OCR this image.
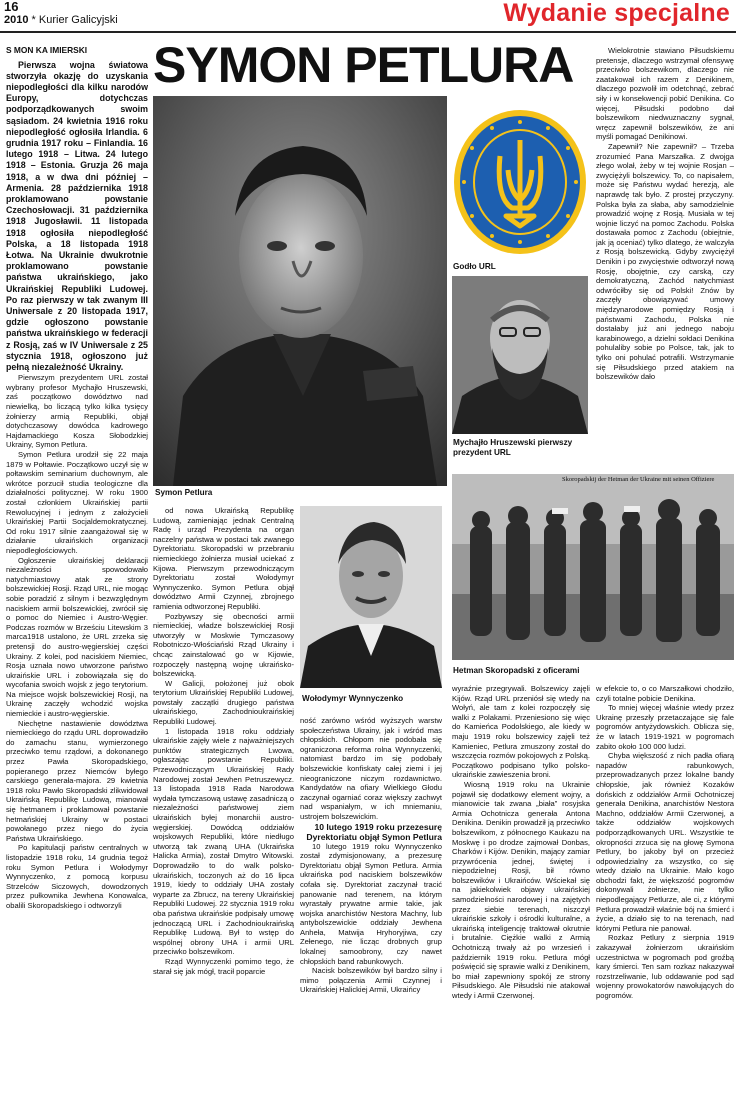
16
2010 * Kurier Galicyjski	Wydanie specjalne
S MON KA IMIERSKI

Pierwsza wojna światowa stworzyła okazję do uzyskania niepodległości dla kilku narodów Europy, dotychczas podporządkowanych swoim sąsiadom. 24 kwietnia 1916 roku niepodległość ogłosiła Irlandia. 6 grudnia 1917 roku – Finlandia. 16 lutego 1918 – Litwa. 24 lutego 1918 – Estonia. Gruzja 26 maja 1918, a w dwa dni później – Armenia. 28 października 1918 proklamowano powstanie Czechosłowacji. 31 października 1918 Jugosławii. 11 listopada 1918 ogłosiła niepodległość Polska, a 18 listopada 1918 Łotwa. Na Ukrainie dwukrotnie proklamowano powstanie państwa ukraińskiego, jako Ukraińskiej Republiki Ludowej. Po raz pierwszy w tak zwanym III Uniwersale z 20 listopada 1917, gdzie ogłoszono powstanie państwa ukraińskiego w federacji z Rosją, zaś w IV Uniwersale z 25 stycznia 1918, ogłoszono już pełną niezależność Ukrainy.

Pierwszym prezydentem URL został wybrany profesor Mychajło Hruszewski, zaś początkowo dowództwo nad niewielką, bo liczącą tylko kilka tysięcy żołnierzy armią Republiki, objął dotychczasowy dowódca kadrowego Hajdamackiego Kosza Słobodzkiej Ukrainy, Symon Petlura.

Symon Petlura urodził się 22 maja 1879 w Połtawie. Początkowo uczył się w połtawskim seminarium duchownym, ale wkrótce porzucił studia teologiczne dla działalności politycznej. W roku 1900 został członkiem Ukraińskiej partii Rewolucyjnej i jednym z założycieli Ukraińskiej Partii Socjaldemokratycznej. Od roku 1917 silnie zaangażował się w działanie ukraińskich organizacji niepodległościowych.

Ogłoszenie ukraińskiej deklaracji niezależności spowodowało natychmiastowy atak ze strony bolszewickiej Rosji. Rząd URL, nie mogąc sobie poradzić z silnym i bezwzględnym naciskiem armii bolszewickiej, zwrócił się o pomoc do Niemiec i Austro-Węgier. Podczas rozmów w Brześciu Litewskim 3 marca1918 ustalono, że URL zrzeka się pretensji do austro-węgierskiej części Ukrainy. Z kolei, pod naciskiem Niemiec, Rosja uznała nowo utworzone państwo ukraińskie URL i zobowiązała się do wycofania swoich wojsk z jego terytorium. Na miejsce wojsk bolszewickiej Rosji, na Ukrainę zaczęły wchodzić wojska niemieckie i austro-węgierskie.

Niechętne nastawienie dowództwa niemieckiego do rządu URL doprowadziło do zamachu stanu, wymierzonego przeciwko temu rządowi, a dokonanego przez Pawła Skoropadskiego, popieranego przez Niemców byłego carskiego generała-majora. 29 kwietnia 1918 roku Pawło Skoropadski zlikwidował Ukraińską Republikę Ludową, mianował się hetmanem i proklamował powstanie hetmańskiej Ukrainy w postaci powołanego przez niego do życia Państwa Ukraińskiego.

Po kapitulacji państw centralnych w listopadzie 1918 roku, 14 grudnia tegoż roku Symon Petlura i Wołodymyr Wynnyczenko, z pomocą korpusu Strzelców Siczowych, dowodzonych przez pułkownika Jewhena Konowalca, obalili Skoropadskiego i odtworzyli

SYMON PETLURA
Symon Petlura
Godło URL
Mychajło Hruszewski pierwszy prezydent URL

od nowa Ukraińską Republikę Ludową, zamieniając jednak Centralną Radę i urząd Prezydenta na organ naczelny państwa w postaci tak zwanego Dyrektoriatu. Skoropadski w przebraniu niemieckiego żołnierza musiał uciekać z Kijowa. Pierwszym przewodniczącym Dyrektoriatu został Wołodymyr Wynnyczenko. Symon Petlura objął dowództwo Armii Czynnej, zbrojnego ramienia odtworzonej Republiki.

Pozbywszy się obecności armii niemieckiej, władze bolszewickiej Rosji utworzyły w Moskwie Tymczasowy Robotniczo-Włościański Rząd Ukrainy i chcąc zainstalować go w Kijowie, rozpoczęły następną wojnę ukraińsko-bolszewicką.

W Galicji, położonej już obok terytorium Ukraińskiej Republiki Ludowej, powstały zaczątki drugiego państwa ukraińskiego, Zachodnioukraińskiej Republiki Ludowej.

1 listopada 1918 roku oddziały ukraińskie zajęły wiele z najważniejszych punktów strategicznych Lwowa, ogłaszając powstanie Republiki. Przewodniczącym Ukraińskiej Rady Narodowej został Jewhen Petruszewycz. 13 listopada 1918 Rada Narodowa wydała tymczasową ustawę zasadniczą o niezależności państwowej ziem ukraińskich byłej monarchii austro-węgierskiej. Dowódcą oddziałów wojskowych Republiki, które niedługo utworzą tak zwaną UHA (Ukraińska Halicka Armia), został Dmytro Witowski. Doprowadziło to do walk polsko-ukraińskich, toczonych aż do 16 lipca 1919, kiedy to oddziały UHA zostały wyparte za Zbrucz, na tereny Ukraińskiej Republiki Ludowej. 22 stycznia 1919 roku oba państwa ukraińskie podpisały umowę jednoczącą URL i Zachodnioukraińską Republikę Ludową. Był to wstęp do wspólnej obrony UHA i armii URL przeciwko bolszewikom.

Rząd Wynnyczenki pomimo tego, że starał się jak mógł, tracił poparcie

Wołodymyr Wynnyczenko

ność zarówno wśród wyższych warstw społeczeństwa Ukrainy, jak i wśród mas chłopskich. Chłopom nie podobała się ograniczona reforma rolna Wynnyczenki, natomiast bardzo im się podobały bolszewickie konfiskaty całej ziemi i jej nieograniczone niczym rozdawnictwo. Kandydatów na ofiary Wielkiego Głodu zaczynał ogarniać coraz większy zachwyt nad wspaniałym, w ich mniemaniu, ustrojem bolszewickim.

10 lutego 1919 roku przezesurę Dyrektoriatu objął Symon Petlura

10 lutego 1919 roku Wynnyczenko został zdymisjonowany, a prezesurę Dyrektoriatu objął Symon Petlura. Armia ukraińska pod naciskiem bolszewików cofała się. Dyrektoriat zaczynał tracić panowanie nad terenem, na którym wyrastały prywatne armie takie, jak wojska anarchistów Nestora Machny, lub antybolszewickie oddziały Jewhena Anheła, Matwija Hryhoryjiwa, czy Zełenego, nie licząc drobnych grup lokalnej samoobrony, czy nawet chłopskich band rabunkowych.

Nacisk bolszewików był bardzo silny i mimo połączenia Armii Czynnej i Ukraińskiej Halickiej Armii, Ukraińcy

Skoropadskij der Hetman der Ukraine mit seinen Offiziere
Hetman Skoropadski z oficerami

wyraźnie przegrywali. Bolszewicy zajęli Kijów. Rząd URL przeniósł się wtedy na Wołyń, ale tam z kolei rozpoczęły się walki z Polakami. Przeniesiono się więc do Kamieńca Podolskiego, ale kiedy w maju 1919 roku bolszewicy zajęli też Kamieniec, Petlura zmuszony został do wszczęcia rozmów pokojowych z Polską. Początkowo podpisano tylko polsko-ukraińskie zawieszenia broni.

Wiosną 1919 roku na Ukrainie pojawił się dodatkowy element wojny, a mianowicie tak zwana „biała” rosyjska Armia Ochotnicza generała Antona Denikina. Denikin prowadził ją przeciwko bolszewikom, z północnego Kaukazu na Moskwę i po drodze zajmował Donbas, Charków i Kijów. Denikin, mający zamiar przywrócenia jednej, świętej i niepodzielnej Rosji, bił równo bolszewików i Ukraińców. Wściekał się na jakiekolwiek objawy ukraińskiej samodzielności narodowej i na zajętych przez siebie terenach, niszczył ukraińskie szkoły i ośrodki kulturalne, a ukraińską inteligencję traktował okrutnie i brutalnie. Ciężkie walki z Armią Ochotniczą trwały aż po wrzesień i październik 1919 roku. Petlura mógł poświęcić się sprawie walki z Denikinem, bo miał zapewniony spokój ze strony Piłsudskiego. Ale Piłsudski nie atakował wtedy i Armii Czerwonej.

Wielokrotnie stawiano Piłsudskiemu pretensje, dlaczego wstrzymał ofensywę przeciwko bolszewikom, dlaczego nie zaatakował ich razem z Denikinem, dlaczego pozwolił im odetchnąć, zebrać siły i w konsekwencji pobić Denikina. Co więcej, Piłsudski podobno dał bolszewikom niedwuznaczny sygnał, wręcz zapewnił bolszewików, że ani myśli pomagać Denikinowi.

Zapewnił? Nie zapewnił? – Trzeba zrozumieć Pana Marszałka. Z dwojga złego wolał, żeby w tej wojnie Rosjan – zwyciężyli bolszewicy. To, co napisałem, może się Państwu wydać herezją, ale naprawdę tak było. Z prostej przyczyny. Polska była za słaba, aby samodzielnie prowadzić wojnę z Rosją. Musiała w tej wojnie liczyć na pomoc Zachodu. Polska dostawała pomoc z Zachodu (obiejtnie, jak ją oceniać) tylko dlatego, że walczyła z Rosją bolszewicką. Gdyby zwyciężył Denikin i po zwycięstwie odtworzył nową Rosję, obojętnie, czy carską, czy demokratyczną, Zachód natychmiast odwróciłby się od Polski! Znów by zaczęły obowiązywać umowy międzynarodowe pomiędzy Rosją i państwami Zachodu, Polska nie dostałaby już ani jednego naboju karabinowego, a dzielni sołdaci Denikina pohulaliby sobie po Polsce, tak, jak to tylko oni pohulać potrafili. Wstrzymanie się Piłsudskiego przed atakiem na bolszewików dało

w efekcie to, o co Marszałkowi chodziło, czyli totalne pobicie Denikina.

To mniej więcej właśnie wtedy przez Ukrainę przeszły przetaczające się fale pogromów antyżydowskich. Oblicza się, że w latach 1919-1921 w pogromach zabito około 100 000 ludzi.

Chyba większość z nich padła ofiarą napadów rabunkowych, przeprowadzanych przez lokalne bandy chłopskie, jak również Kozaków dońskich z oddziałów Armii Ochotniczej generała Denikina, anarchistów Nestora Machno, oddziałów Armii Czerwonej, a także oddziałów wojskowych podporządkowanych URL. Wszystkie te okropności zrzuca się na głowę Symona Petlury, bo jakoby był on przecież odpowiedzialny za wszystko, co się wtedy działo na Ukrainie. Mało kogo obchodzi fakt, że większość pogromów dokonywali żołnierze, nie tylko niepodlegający Petlurze, ale ci, z którymi Petlura prowadził właśnie bój na śmierć i życie, a działo się to na terenach, nad którymi Petlura nie panował.

Rozkaz Petlury z sierpnia 1919 zakazywał żołnierzom ukraińskim uczestnictwa w pogromach pod groźbą kary śmierci. Ten sam rozkaz nakazywał rozstrzeliwanie, lub oddawanie pod sąd wojenny prowokatorów nawołujących do pogromów.
